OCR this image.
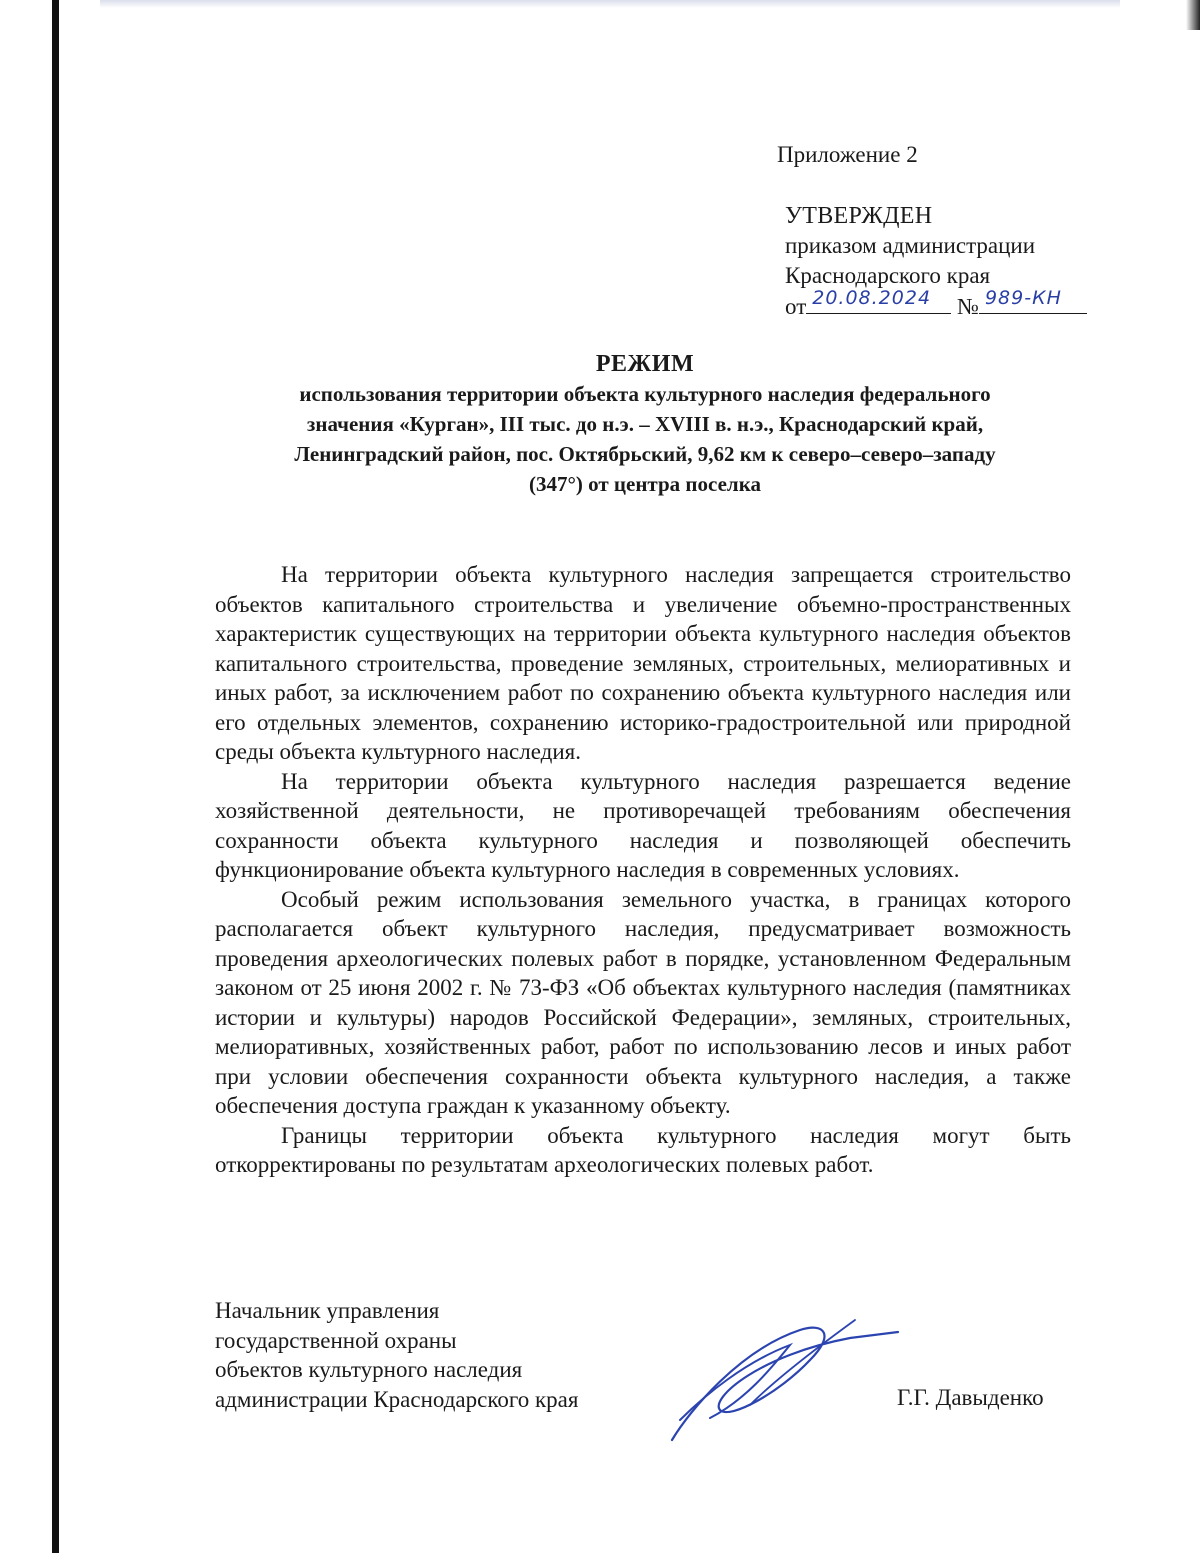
Приложение 2
УТВЕРЖДЕН
приказом администрации
Краснодарского края
от 20.08.2024 № 989-КН
РЕЖИМ
использования территории объекта культурного наследия федерального
значения «Курган», III тыс. до н.э. – XVIII в. н.э., Краснодарский край,
Ленинградский район, пос. Октябрьский, 9,62 км к северо–северо–западу
(347°) от центра поселка

На территории объекта культурного наследия запрещается строительство объектов капитального строительства и увеличение объемно-пространственных характеристик существующих на территории объекта культурного наследия объектов капитального строительства, проведение земляных, строительных, мелиоративных и иных работ, за исключением работ по сохранению объекта культурного наследия или его отдельных элементов, сохранению историко-градостроительной или природной среды объекта культурного наследия.

На территории объекта культурного наследия разрешается ведение хозяйственной деятельности, не противоречащей требованиям обеспечения сохранности объекта культурного наследия и позволяющей обеспечить функционирование объекта культурного наследия в современных условиях.

Особый режим использования земельного участка, в границах которого располагается объект культурного наследия, предусматривает возможность проведения археологических полевых работ в порядке, установленном Федеральным законом от 25 июня 2002 г. № 73-ФЗ «Об объектах культурного наследия (памятниках истории и культуры) народов Российской Федерации», земляных, строительных, мелиоративных, хозяйственных работ, работ по использованию лесов и иных работ при условии обеспечения сохранности объекта культурного наследия, а также обеспечения доступа граждан к указанному объекту.

Границы территории объекта культурного наследия могут быть откорректированы по результатам археологических полевых работ.

Начальник управления
государственной охраны
объектов культурного наследия
администрации Краснодарского края	Г.Г. Давыденко
